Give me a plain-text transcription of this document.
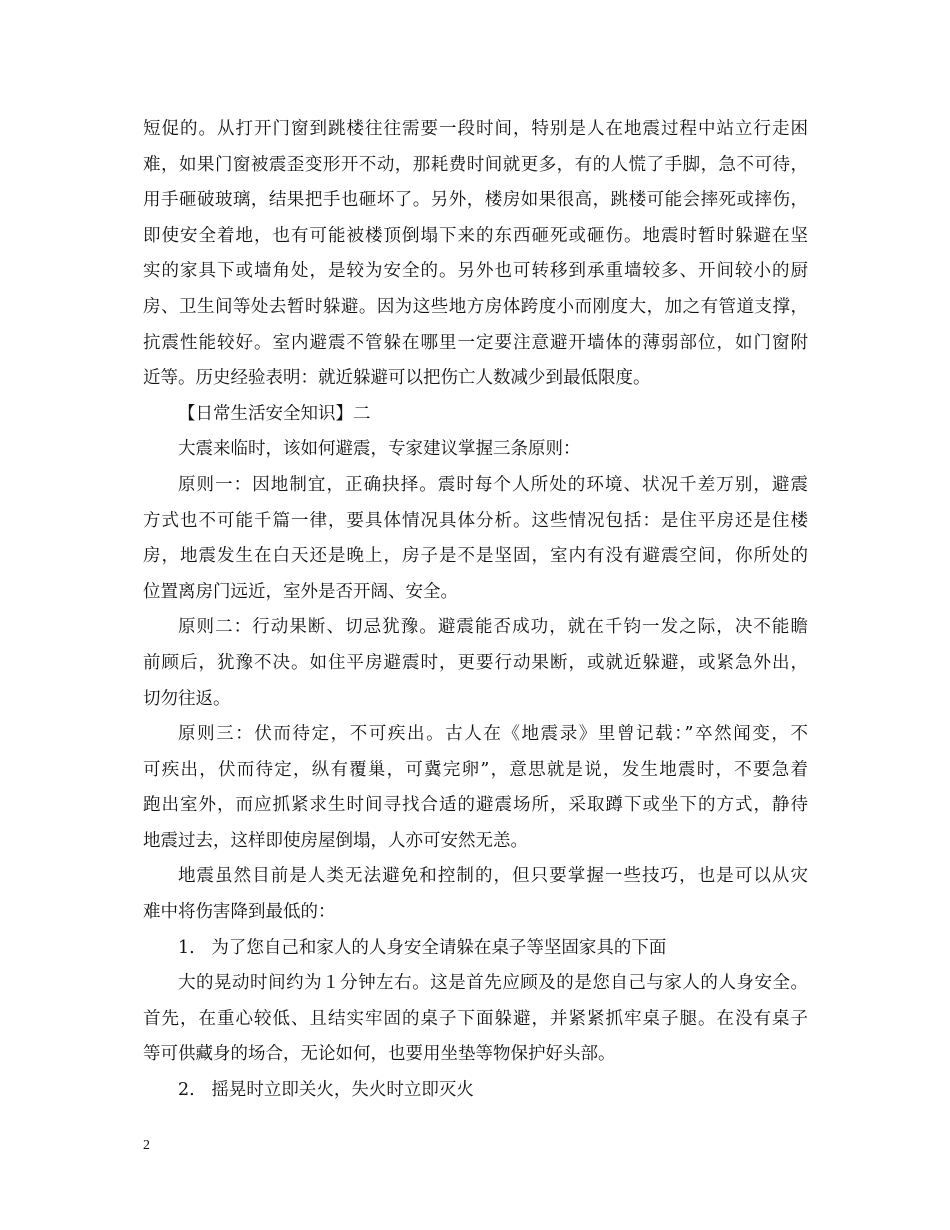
短促的。从打开门窗到跳楼往往需要一段时间，特别是人在地震过程中站立行走困
难，如果门窗被震歪变形开不动，那耗费时间就更多，有的人慌了手脚，急不可待，
用手砸破玻璃，结果把手也砸坏了。另外，楼房如果很高，跳楼可能会摔死或摔伤，
即使安全着地，也有可能被楼顶倒塌下来的东西砸死或砸伤。地震时暂时躲避在坚
实的家具下或墙角处，是较为安全的。另外也可转移到承重墙较多、开间较小的厨
房、卫生间等处去暂时躲避。因为这些地方房体跨度小而刚度大，加之有管道支撑，
抗震性能较好。室内避震不管躲在哪里一定要注意避开墙体的薄弱部位，如门窗附
近等。历史经验表明：就近躲避可以把伤亡人数减少到最低限度。
【日常生活安全知识】二
大震来临时，该如何避震，专家建议掌握三条原则：
原则一：因地制宜，正确抉择。震时每个人所处的环境、状况千差万别，避震
方式也不可能千篇一律，要具体情况具体分析。这些情况包括：是住平房还是住楼
房，地震发生在白天还是晚上，房子是不是坚固，室内有没有避震空间，你所处的
位置离房门远近，室外是否开阔、安全。
原则二：行动果断、切忌犹豫。避震能否成功，就在千钧一发之际，决不能瞻
前顾后，犹豫不决。如住平房避震时，更要行动果断，或就近躲避，或紧急外出，
切勿往返。
原则三：伏而待定，不可疾出。古人在《地震录》里曾记载：”卒然闻变，不
可疾出，伏而待定，纵有覆巢，可冀完卵”，意思就是说，发生地震时，不要急着
跑出室外，而应抓紧求生时间寻找合适的避震场所，采取蹲下或坐下的方式，静待
地震过去，这样即使房屋倒塌，人亦可安然无恙。
地震虽然目前是人类无法避免和控制的，但只要掌握一些技巧，也是可以从灾
难中将伤害降到最低的：
1.   为了您自己和家人的人身安全请躲在桌子等坚固家具的下面
大的晃动时间约为１分钟左右。这是首先应顾及的是您自己与家人的人身安全。
首先，在重心较低、且结实牢固的桌子下面躲避，并紧紧抓牢桌子腿。在没有桌子
等可供藏身的场合，无论如何，也要用坐垫等物保护好头部。
2.   摇晃时立即关火，失火时立即灭火
2
